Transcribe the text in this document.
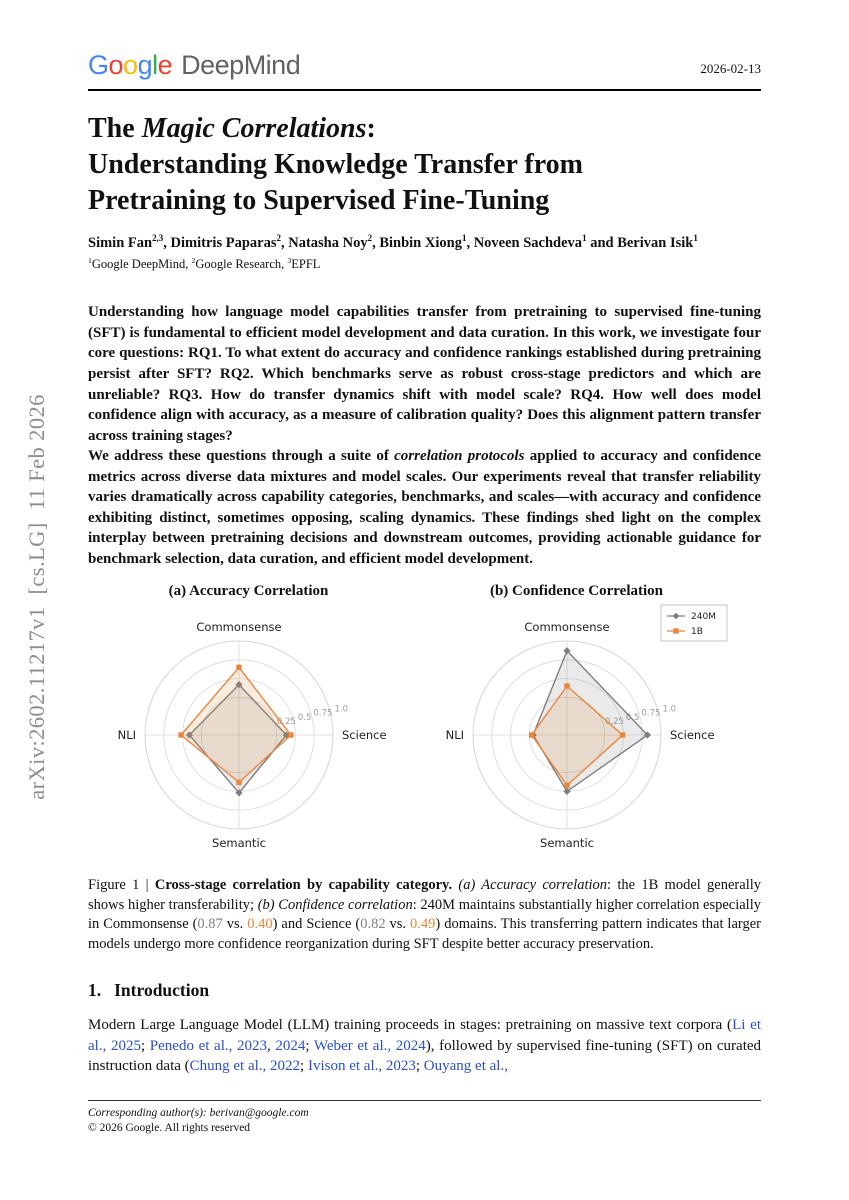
arXiv:2602.11217v1  [cs.LG]  11 Feb 2026
Google DeepMind	2026-02-13
The Magic Correlations:
Understanding Knowledge Transfer from
Pretraining to Supervised Fine-Tuning
Simin Fan$^{2,3}$, Dimitris Paparas$^2$, Natasha Noy$^2$, Binbin Xiong$^1$, Noveen Sachdeva$^1$ and Berivan Isik$^1$
$^1$Google DeepMind, $^2$Google Research, $^3$EPFL

Understanding how language model capabilities transfer from pretraining to supervised fine-tuning (SFT) is fundamental to efficient model development and data curation. In this work, we investigate four core questions: RQ1. To what extent do accuracy and confidence rankings established during pretraining persist after SFT? RQ2. Which benchmarks serve as robust cross-stage predictors and which are unreliable? RQ3. How do transfer dynamics shift with model scale? RQ4. How well does model confidence align with accuracy, as a measure of calibration quality? Does this alignment pattern transfer across training stages?

We address these questions through a suite of correlation protocols applied to accuracy and confidence metrics across diverse data mixtures and model scales. Our experiments reveal that transfer reliability varies dramatically across capability categories, benchmarks, and scales—with accuracy and confidence exhibiting distinct, sometimes opposing, scaling dynamics. These findings shed light on the complex interplay between pretraining decisions and downstream outcomes, providing actionable guidance for benchmark selection, data curation, and efficient model development.

(a) Accuracy Correlation
0.25 0.5 0.75 1.0
Commonsense
Science
Semantic
NLI
(b) Confidence Correlation
0.25 0.5 0.75 1.0
Commonsense
Science
Semantic
NLI
240M
1B
Figure 1 | Cross-stage correlation by capability category. (a) Accuracy correlation: the 1B model generally shows higher transferability; (b) Confidence correlation: 240M maintains substantially higher correlation especially in Commonsense (0.87 vs. 0.40) and Science (0.82 vs. 0.49) domains. This transferring pattern indicates that larger models undergo more confidence reorganization during SFT despite better accuracy preservation.
1. Introduction

Modern Large Language Model (LLM) training proceeds in stages: pretraining on massive text corpora (Li et al., 2025; Penedo et al., 2023, 2024; Weber et al., 2024), followed by supervised fine-tuning (SFT) on curated instruction data (Chung et al., 2022; Ivison et al., 2023; Ouyang et al.,

Corresponding author(s): berivan@google.com
© 2026 Google. All rights reserved
